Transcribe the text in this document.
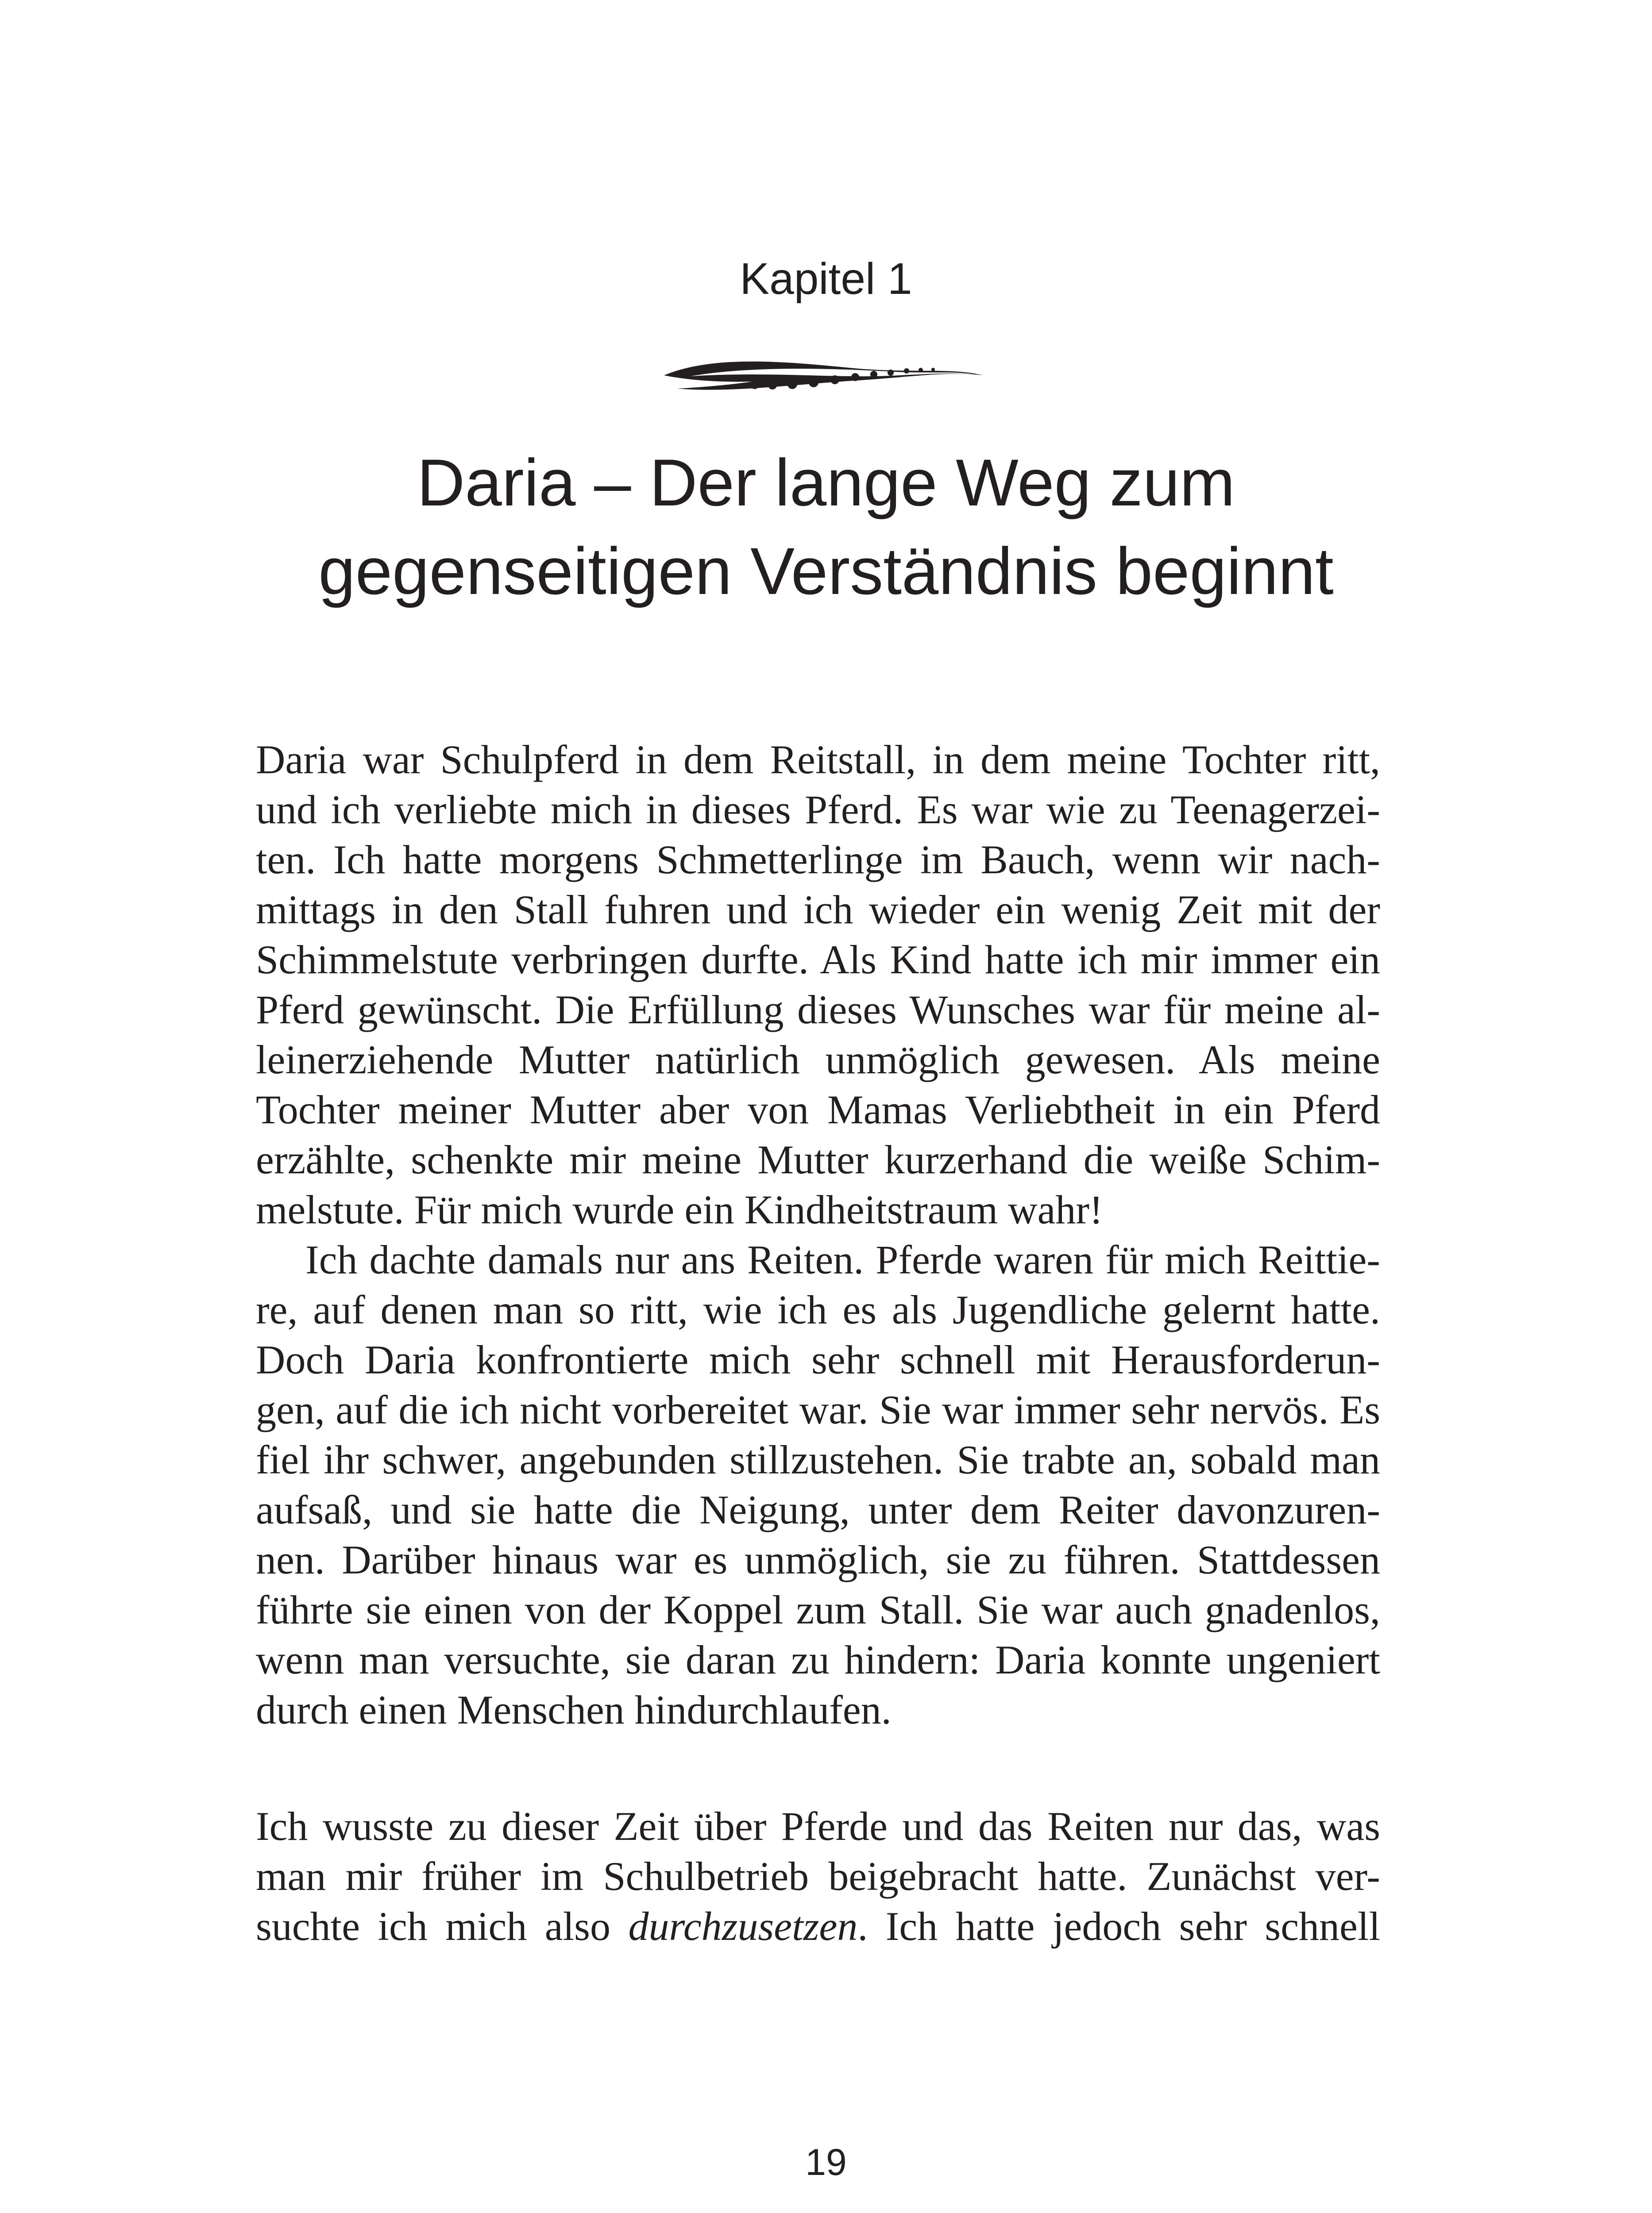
Kapitel 1
Daria – Der lange Weg zum
gegenseitigen Verständnis beginnt
Daria war Schulpferd in dem Reitstall, in dem meine Tochter ritt,
und ich verliebte mich in dieses Pferd. Es war wie zu Teenagerzei-
ten. Ich hatte morgens Schmetterlinge im Bauch, wenn wir nach-
mittags in den Stall fuhren und ich wieder ein wenig Zeit mit der
Schimmelstute verbringen durfte. Als Kind hatte ich mir immer ein
Pferd gewünscht. Die Erfüllung dieses Wunsches war für meine al-
leinerziehende Mutter natürlich unmöglich gewesen. Als meine
Tochter meiner Mutter aber von Mamas Verliebtheit in ein Pferd
erzählte, schenkte mir meine Mutter kurzerhand die weiße Schim-
melstute. Für mich wurde ein Kindheitstraum wahr!
Ich dachte damals nur ans Reiten. Pferde waren für mich Reittie-
re, auf denen man so ritt, wie ich es als Jugendliche gelernt hatte.
Doch Daria konfrontierte mich sehr schnell mit Herausforderun-
gen, auf die ich nicht vorbereitet war. Sie war immer sehr nervös. Es
fiel ihr schwer, angebunden stillzustehen. Sie trabte an, sobald man
aufsaß, und sie hatte die Neigung, unter dem Reiter davonzuren-
nen. Darüber hinaus war es unmöglich, sie zu führen. Stattdessen
führte sie einen von der Koppel zum Stall. Sie war auch gnadenlos,
wenn man versuchte, sie daran zu hindern: Daria konnte ungeniert
durch einen Menschen hindurchlaufen.
Ich wusste zu dieser Zeit über Pferde und das Reiten nur das, was
man mir früher im Schulbetrieb beigebracht hatte. Zunächst ver-
suchte ich mich also durchzusetzen. Ich hatte jedoch sehr schnell
19
